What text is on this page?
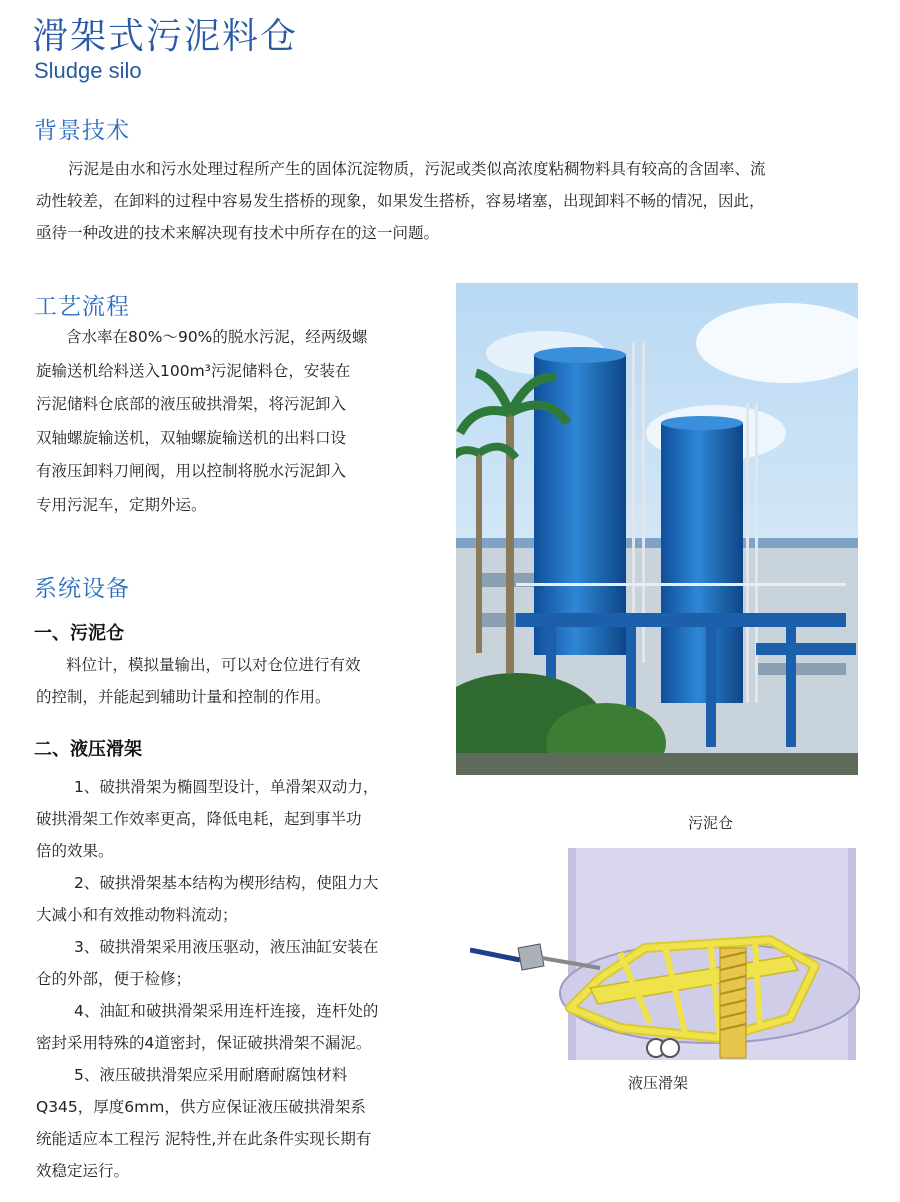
滑架式污泥料仓
Sludge silo
背景技术
污泥是由水和污水处理过程所产生的固体沉淀物质，污泥或类似高浓度粘稠物料具有较高的含固率、流
动性较差，在卸料的过程中容易发生搭桥的现象，如果发生搭桥，容易堵塞，出现卸料不畅的情况，因此，
亟待一种改进的技术来解决现有技术中所存在的这一问题。
工艺流程
含水率在80%～90%的脱水污泥，经两级螺
旋输送机给料送入100m³污泥储料仓，安装在
污泥储料仓底部的液压破拱滑架，将污泥卸入
双轴螺旋输送机，双轴螺旋输送机的出料口设
有液压卸料刀闸阀，用以控制将脱水污泥卸入
专用污泥车，定期外运。
系统设备
一、污泥仓
料位计，模拟量输出，可以对仓位进行有效
的控制，并能起到辅助计量和控制的作用。
二、液压滑架
1、破拱滑架为椭圆型设计，单滑架双动力，
破拱滑架工作效率更高，降低电耗，起到事半功
倍的效果。
2、破拱滑架基本结构为楔形结构，使阻力大
大减小和有效推动物料流动；
3、破拱滑架采用液压驱动，液压油缸安装在
仓的外部，便于检修；
4、油缸和破拱滑架采用连杆连接，连杆处的
密封采用特殊的4道密封，保证破拱滑架不漏泥。
5、液压破拱滑架应采用耐磨耐腐蚀材料
Q345，厚度6mm，供方应保证液压破拱滑架系
统能适应本工程污 泥特性,并在此条件实现长期有
效稳定运行。
污泥仓
液压滑架
